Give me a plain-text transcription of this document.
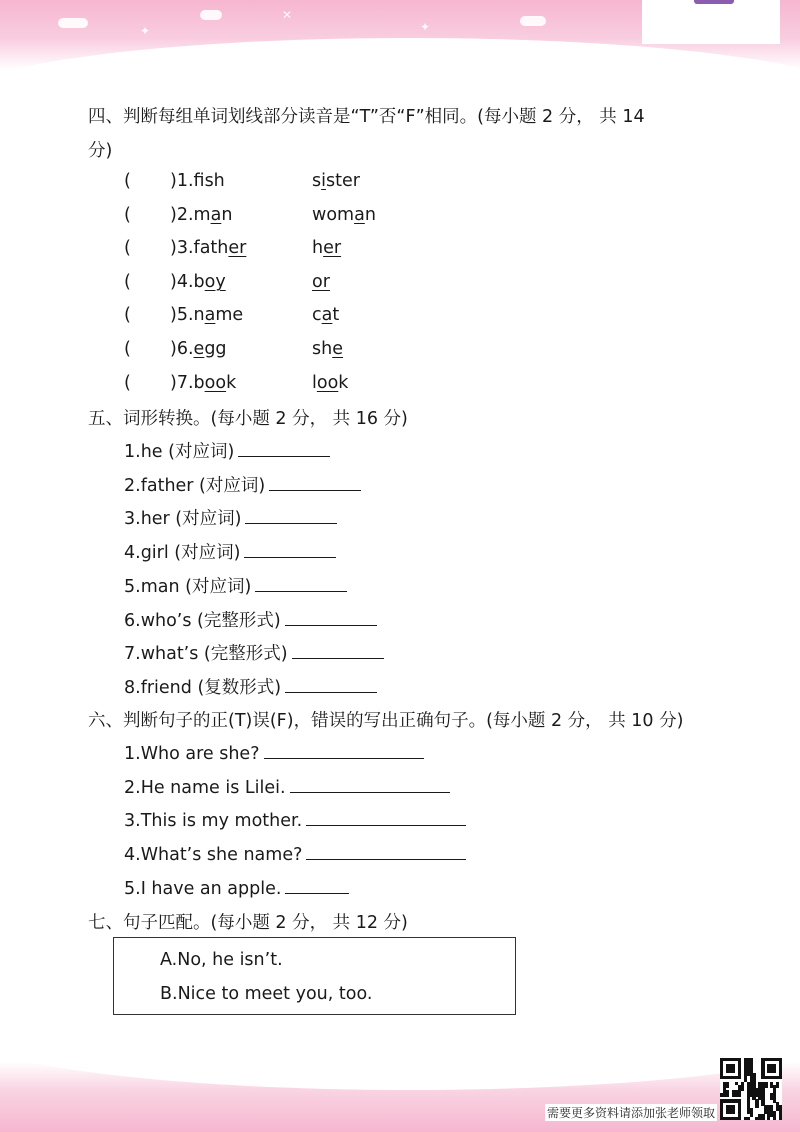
✦
✕
✦
四、判断每组单词划线部分读音是“T”否“F”相同。(每小题 2 分， 共 14
分)
( )1.fsh	sister
( )2.man	woman
( )3.father	her
( )4.boy	or
( )5.name	cat
( )6.egg	she
( )7.book	look
五、词形转换。(每小题 2 分， 共 16 分)
1.he (对应词)
2.father (对应词)
3.her (对应词)
4.girl (对应词)
5.man (对应词)
6.who’s (完整形式)
7.what’s (完整形式)
8.friend (复数形式)
六、判断句子的正(T)误(F)，错误的写出正确句子。(每小题 2 分， 共 10 分)
1.Who are she?
2.He name is Lilei.
3.This is my mother.
4.What’s she name?
5.I have an apple.
七、句子匹配。(每小题 2 分， 共 12 分)
A.No, he isn’t.
B.Nice to meet you, too.
需要更多资料请添加张老师领取
